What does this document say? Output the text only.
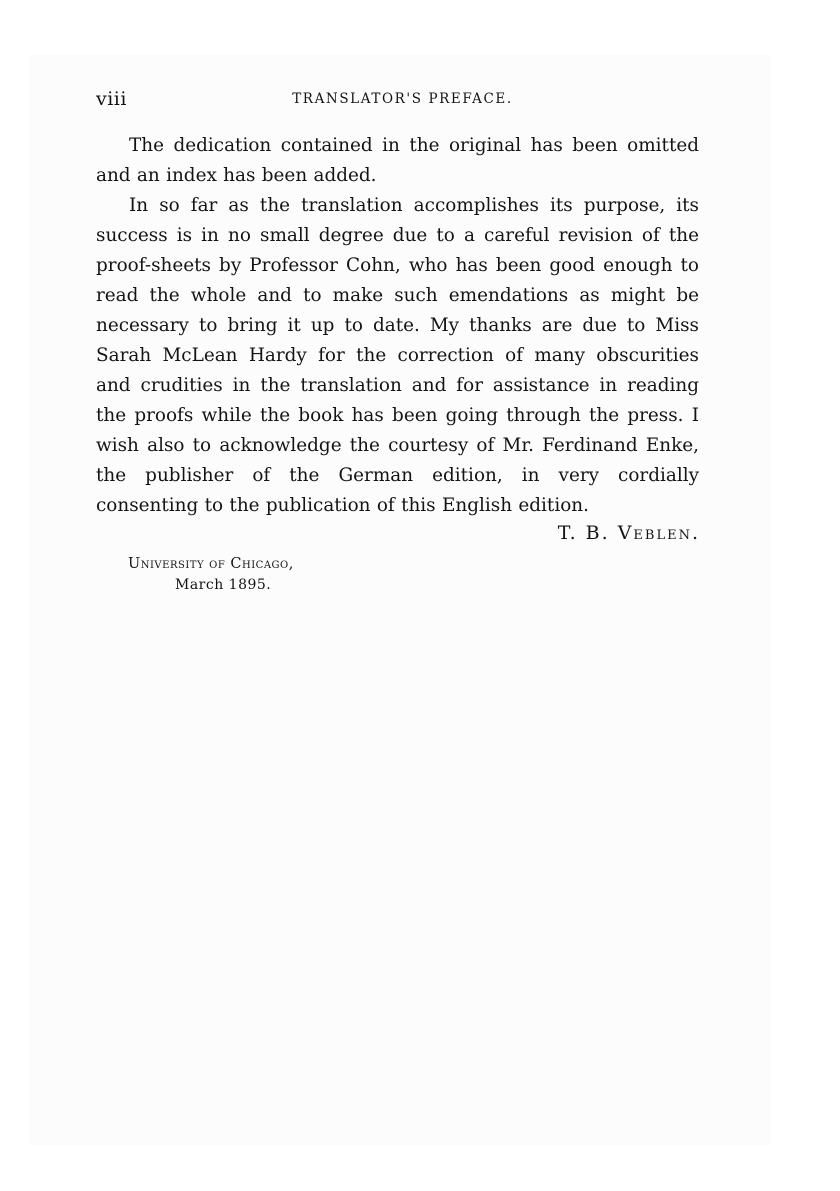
viii	TRANSLATOR'S PREFACE.

The dedication contained in the original has been omitted and an index has been added.

In so far as the translation accomplishes its purpose, its success is in no small degree due to a careful revision of the proof-sheets by Professor Cohn, who has been good enough to read the whole and to make such emendations as might be necessary to bring it up to date. My thanks are due to Miss Sarah McLean Hardy for the correction of many obscurities and crudities in the translation and for assistance in reading the proofs while the book has been going through the press. I wish also to acknowledge the courtesy of Mr. Ferdinand Enke, the publisher of the German edition, in very cordially consenting to the publication of this English edition.

T. B. Veblen.
University of Chicago,
March 1895.
